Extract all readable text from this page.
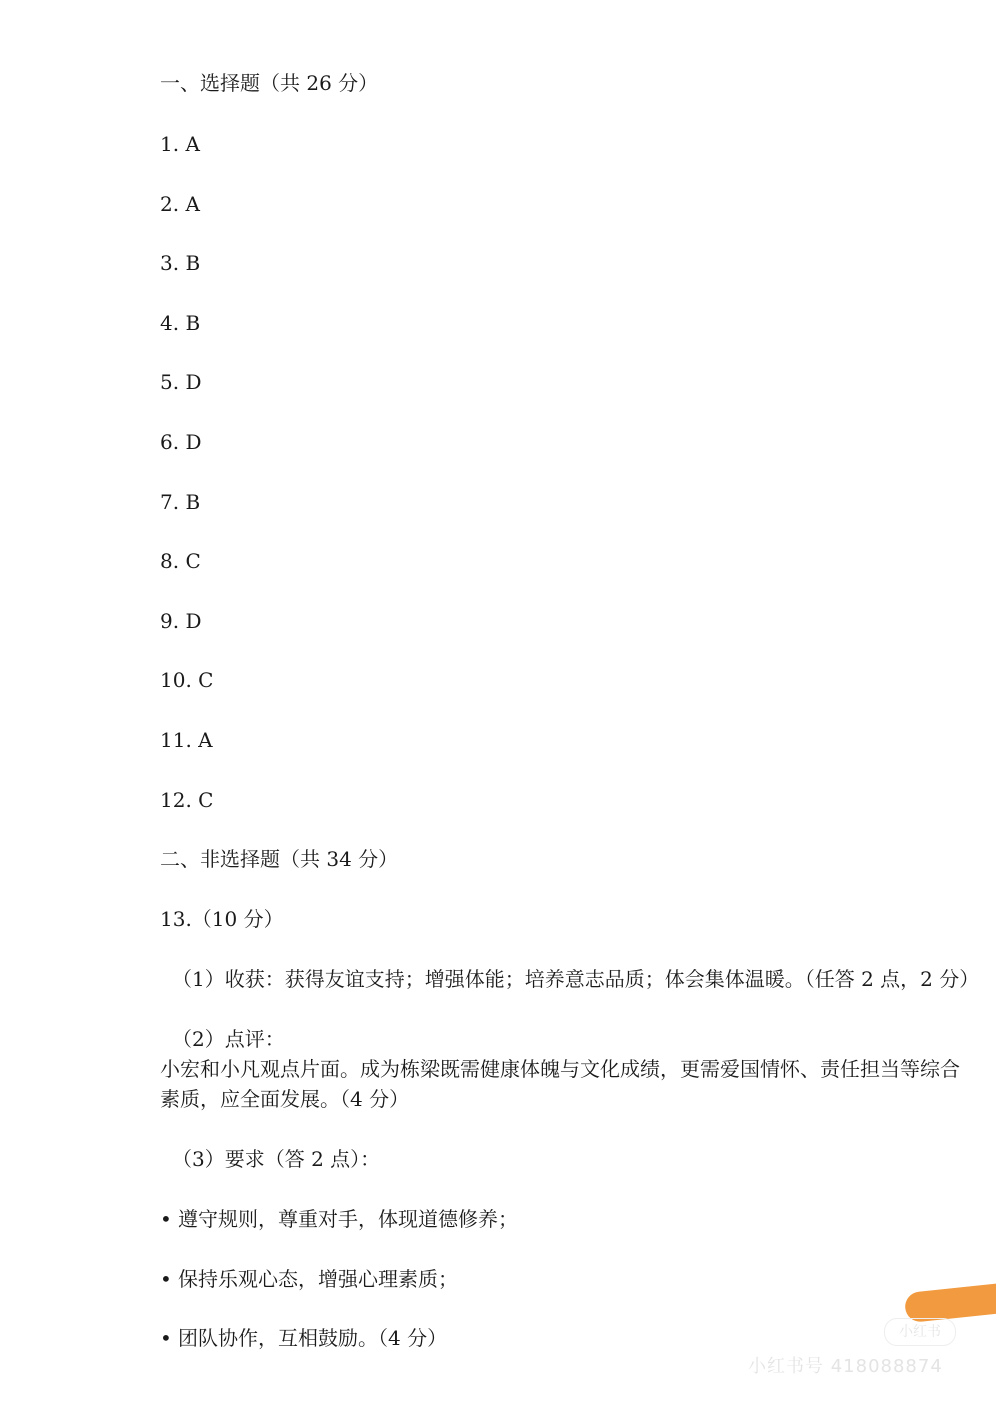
一、选择题（共 26 分）
1. A
2. A
3. B
4. B
5. D
6. D
7. B
8. C
9. D
10. C
11. A
12. C
二、非选择题（共 34 分）
13.（10 分）
（1）收获：获得友谊支持；增强体能；培养意志品质；体会集体温暖。（任答 2 点，2 分）
（2）点评：
小宏和小凡观点片面。成为栋梁既需健康体魄与文化成绩，更需爱国情怀、责任担当等综合素质，应全面发展。（4 分）
（3）要求（答 2 点）：
• 遵守规则，尊重对手，体现道德修养；
• 保持乐观心态，增强心理素质；
• 团队协作，互相鼓励。（4 分）	小红书
小红书号 418088874
